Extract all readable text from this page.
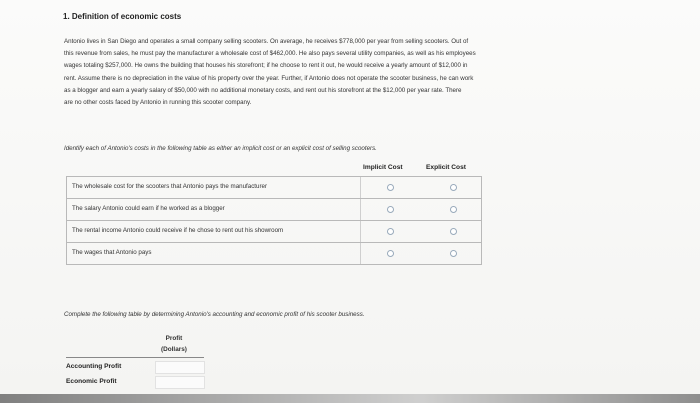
1. Definition of economic costs
Antonio lives in San Diego and operates a small company selling scooters. On average, he receives $778,000 per year from selling scooters. Out of
this revenue from sales, he must pay the manufacturer a wholesale cost of $462,000. He also pays several utility companies, as well as his employees
wages totaling $257,000. He owns the building that houses his storefront; if he choose to rent it out, he would receive a yearly amount of $12,000 in
rent. Assume there is no depreciation in the value of his property over the year. Further, if Antonio does not operate the scooter business, he can work
as a blogger and earn a yearly salary of $50,000 with no additional monetary costs, and rent out his storefront at the $12,000 per year rate. There
are no other costs faced by Antonio in running this scooter company.
Identify each of Antonio's costs in the following table as either an implicit cost or an explicit cost of selling scooters.
Implicit Cost	Explicit Cost
The wholesale cost for the scooters that Antonio pays the manufacturer
The salary Antonio could earn if he worked as a blogger
The rental income Antonio could receive if he chose to rent out his showroom
The wages that Antonio pays
Complete the following table by determining Antonio's accounting and economic profit of his scooter business.
Profit
(Dollars)
Accounting Profit
Economic Profit
